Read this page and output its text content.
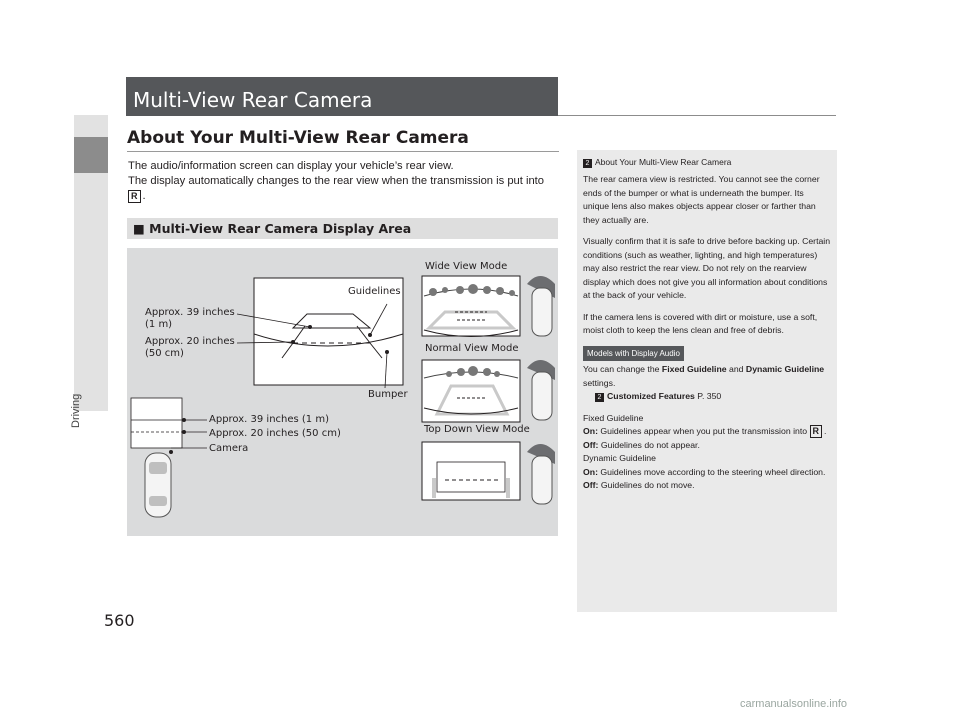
Driving
Multi-View Rear Camera
About Your Multi-View Rear Camera
The audio/information screen can display your vehicle’s rear view.
The display automatically changes to the rear view when the transmission is put into
R .
■ Multi-View Rear Camera Display Area
Guidelines
Approx. 39 inches
(1 m)
Approx. 20 inches
(50 cm)
Bumper
Approx. 39 inches (1 m)
Approx. 20 inches (50 cm)
Camera
Wide View Mode
Normal View Mode
Top Down View Mode
2 About Your Multi-View Rear Camera

The rear camera view is restricted. You cannot see the corner ends of the bumper or what is underneath the bumper. Its unique lens also makes objects appear closer or farther than they actually are.

Visually confirm that it is safe to drive before backing up. Certain conditions (such as weather, lighting, and high temperatures) may also restrict the rear view. Do not rely on the rearview display which does not give you all information about conditions at the back of your vehicle.

If the camera lens is covered with dirt or moisture, use a soft, moist cloth to keep the lens clean and free of debris.

Models with Display Audio
You can change the Fixed Guideline and Dynamic Guideline settings.
2 Customized Features P. 350
Fixed Guideline
On: Guidelines appear when you put the transmission into R .
Off: Guidelines do not appear.
Dynamic Guideline
On: Guidelines move according to the steering wheel direction.
Off: Guidelines do not move.
560
carmanualsonline.info
